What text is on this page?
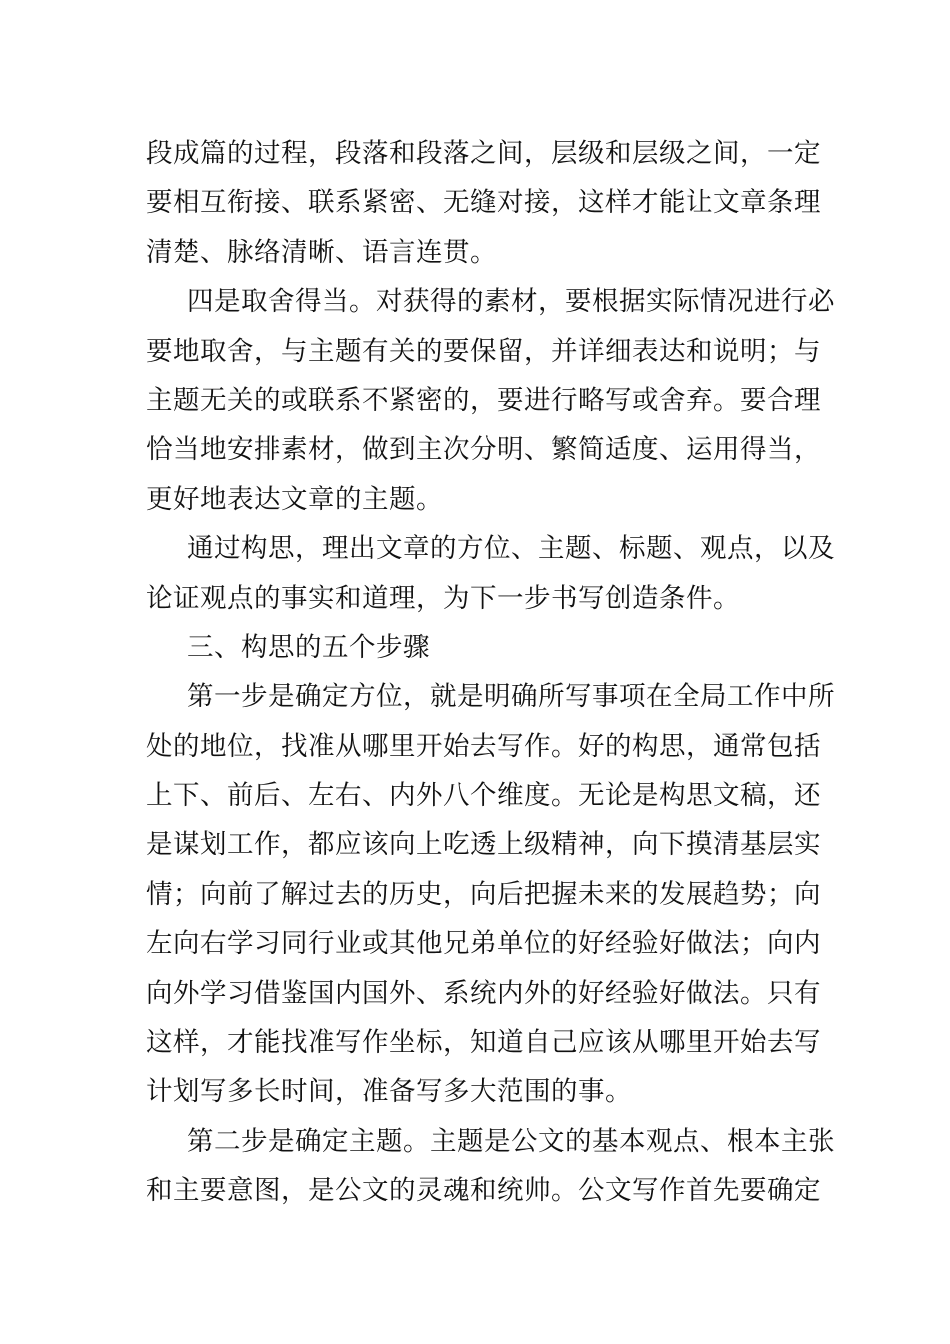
段成篇的过程，段落和段落之间，层级和层级之间，一定
要相互衔接、联系紧密、无缝对接，这样才能让文章条理
清楚、脉络清晰、语言连贯。
四是取舍得当。对获得的素材，要根据实际情况进行必
要地取舍，与主题有关的要保留，并详细表达和说明；与
主题无关的或联系不紧密的，要进行略写或舍弃。要合理
恰当地安排素材，做到主次分明、繁简适度、运用得当，
更好地表达文章的主题。
通过构思，理出文章的方位、主题、标题、观点，以及
论证观点的事实和道理，为下一步书写创造条件。
三、构思的五个步骤
第一步是确定方位，就是明确所写事项在全局工作中所
处的地位，找准从哪里开始去写作。好的构思，通常包括
上下、前后、左右、内外八个维度。无论是构思文稿，还
是谋划工作，都应该向上吃透上级精神，向下摸清基层实
情；向前了解过去的历史，向后把握未来的发展趋势；向
左向右学习同行业或其他兄弟单位的好经验好做法；向内
向外学习借鉴国内国外、系统内外的好经验好做法。只有
这样，才能找准写作坐标，知道自己应该从哪里开始去写
计划写多长时间，准备写多大范围的事。
第二步是确定主题。主题是公文的基本观点、根本主张
和主要意图，是公文的灵魂和统帅。公文写作首先要确定
